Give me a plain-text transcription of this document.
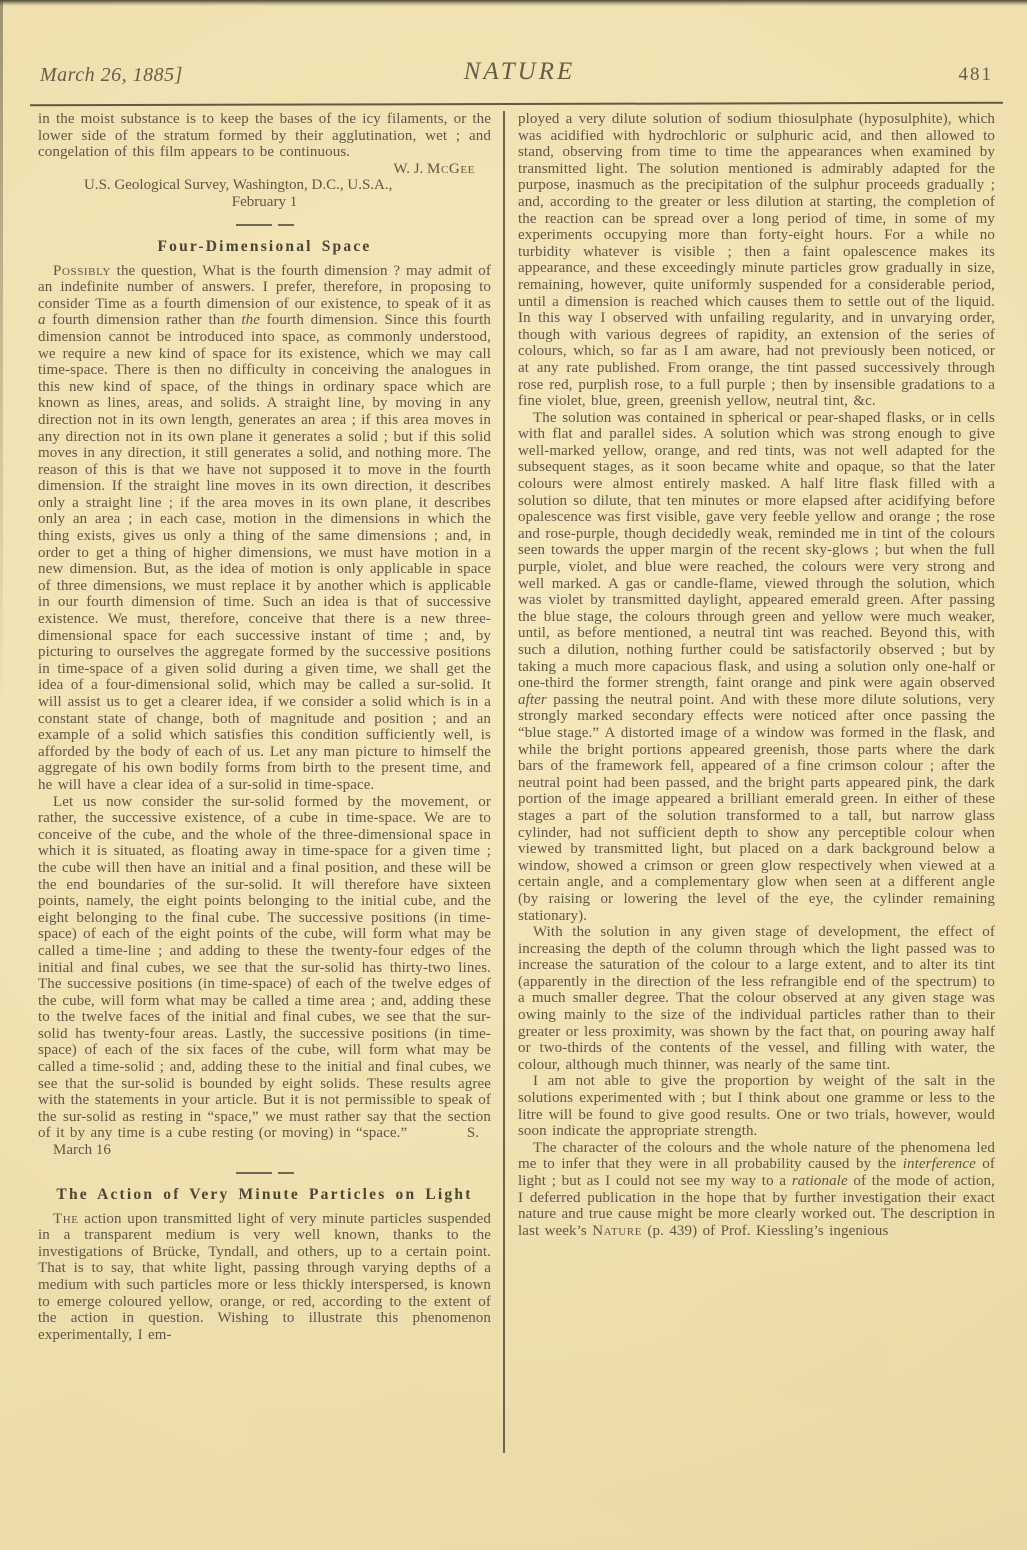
March 26, 1885]	NATURE	481

in the moist substance is to keep the bases of the icy filaments, or the lower side of the stratum formed by their agglutination, wet ; and congelation of this film appears to be continuous.

W. J. McGee
U.S. Geological Survey, Washington, D.C., U.S.A.,
February 1
Four-Dimensional Space

Possibly the question, What is the fourth dimension ? may admit of an indefinite number of answers. I prefer, therefore, in proposing to consider Time as a fourth dimension of our existence, to speak of it as a fourth dimension rather than the fourth dimension. Since this fourth dimension cannot be introduced into space, as commonly understood, we require a new kind of space for its existence, which we may call time-space. There is then no difficulty in conceiving the analogues in this new kind of space, of the things in ordinary space which are known as lines, areas, and solids. A straight line, by moving in any direction not in its own length, generates an area ; if this area moves in any direction not in its own plane it generates a solid ; but if this solid moves in any direction, it still generates a solid, and nothing more. The reason of this is that we have not supposed it to move in the fourth dimension. If the straight line moves in its own direction, it describes only a straight line ; if the area moves in its own plane, it describes only an area ; in each case, motion in the dimensions in which the thing exists, gives us only a thing of the same dimensions ; and, in order to get a thing of higher dimensions, we must have motion in a new dimension. But, as the idea of motion is only applicable in space of three dimensions, we must replace it by another which is applicable in our fourth dimension of time. Such an idea is that of successive existence. We must, therefore, conceive that there is a new three-dimensional space for each successive instant of time ; and, by picturing to ourselves the aggregate formed by the successive positions in time-space of a given solid during a given time, we shall get the idea of a four-dimensional solid, which may be called a sur-solid. It will assist us to get a clearer idea, if we consider a solid which is in a constant state of change, both of magnitude and position ; and an example of a solid which satisfies this condition sufficiently well, is afforded by the body of each of us. Let any man picture to himself the aggregate of his own bodily forms from birth to the present time, and he will have a clear idea of a sur-solid in time-space.

Let us now consider the sur-solid formed by the movement, or rather, the successive existence, of a cube in time-space. We are to conceive of the cube, and the whole of the three-dimensional space in which it is situated, as floating away in time-space for a given time ; the cube will then have an initial and a final position, and these will be the end boundaries of the sur-solid. It will therefore have sixteen points, namely, the eight points belonging to the initial cube, and the eight belonging to the final cube. The successive positions (in time-space) of each of the eight points of the cube, will form what may be called a time-line ; and adding to these the twenty-four edges of the initial and final cubes, we see that the sur-solid has thirty-two lines. The successive positions (in time-space) of each of the twelve edges of the cube, will form what may be called a time area ; and, adding these to the twelve faces of the initial and final cubes, we see that the sur-solid has twenty-four areas. Lastly, the successive positions (in time-space) of each of the six faces of the cube, will form what may be called a time-solid ; and, adding these to the initial and final cubes, we see that the sur-solid is bounded by eight solids. These results agree with the statements in your article. But it is not permissible to speak of the sur-solid as resting in “space,” we must rather say that the section of it by any time is a cube resting (or moving) in “space.”	S.
March 16
The Action of Very Minute Particles on Light

The action upon transmitted light of very minute particles suspended in a transparent medium is very well known, thanks to the investigations of Brücke, Tyndall, and others, up to a certain point. That is to say, that white light, passing through varying depths of a medium with such particles more or less thickly interspersed, is known to emerge coloured yellow, orange, or red, according to the extent of the action in question. Wishing to illustrate this phenomenon experimentally, I em-

ployed a very dilute solution of sodium thiosulphate (hyposulphite), which was acidified with hydrochloric or sulphuric acid, and then allowed to stand, observing from time to time the appearances when examined by transmitted light. The solution mentioned is admirably adapted for the purpose, inasmuch as the precipitation of the sulphur proceeds gradually ; and, according to the greater or less dilution at starting, the completion of the reaction can be spread over a long period of time, in some of my experiments occupying more than forty-eight hours. For a while no turbidity whatever is visible ; then a faint opalescence makes its appearance, and these exceedingly minute particles grow gradually in size, remaining, however, quite uniformly suspended for a considerable period, until a dimension is reached which causes them to settle out of the liquid. In this way I observed with unfailing regularity, and in unvarying order, though with various degrees of rapidity, an extension of the series of colours, which, so far as I am aware, had not previously been noticed, or at any rate published. From orange, the tint passed successively through rose red, purplish rose, to a full purple ; then by insensible gradations to a fine violet, blue, green, greenish yellow, neutral tint, &c.

The solution was contained in spherical or pear-shaped flasks, or in cells with flat and parallel sides. A solution which was strong enough to give well-marked yellow, orange, and red tints, was not well adapted for the subsequent stages, as it soon became white and opaque, so that the later colours were almost entirely masked. A half litre flask filled with a solution so dilute, that ten minutes or more elapsed after acidifying before opalescence was first visible, gave very feeble yellow and orange ; the rose and rose-purple, though decidedly weak, reminded me in tint of the colours seen towards the upper margin of the recent sky-glows ; but when the full purple, violet, and blue were reached, the colours were very strong and well marked. A gas or candle-flame, viewed through the solution, which was violet by transmitted daylight, appeared emerald green. After passing the blue stage, the colours through green and yellow were much weaker, until, as before mentioned, a neutral tint was reached. Beyond this, with such a dilution, nothing further could be satisfactorily observed ; but by taking a much more capacious flask, and using a solution only one-half or one-third the former strength, faint orange and pink were again observed after passing the neutral point. And with these more dilute solutions, very strongly marked secondary effects were noticed after once passing the “blue stage.” A distorted image of a window was formed in the flask, and while the bright portions appeared greenish, those parts where the dark bars of the framework fell, appeared of a fine crimson colour ; after the neutral point had been passed, and the bright parts appeared pink, the dark portion of the image appeared a brilliant emerald green. In either of these stages a part of the solution transformed to a tall, but narrow glass cylinder, had not sufficient depth to show any perceptible colour when viewed by transmitted light, but placed on a dark background below a window, showed a crimson or green glow respectively when viewed at a certain angle, and a complementary glow when seen at a different angle (by raising or lowering the level of the eye, the cylinder remaining stationary).

With the solution in any given stage of development, the effect of increasing the depth of the column through which the light passed was to increase the saturation of the colour to a large extent, and to alter its tint (apparently in the direction of the less refrangible end of the spectrum) to a much smaller degree. That the colour observed at any given stage was owing mainly to the size of the individual particles rather than to their greater or less proximity, was shown by the fact that, on pouring away half or two-thirds of the contents of the vessel, and filling with water, the colour, although much thinner, was nearly of the same tint.

I am not able to give the proportion by weight of the salt in the solutions experimented with ; but I think about one gramme or less to the litre will be found to give good results. One or two trials, however, would soon indicate the appropriate strength.

The character of the colours and the whole nature of the phenomena led me to infer that they were in all probability caused by the interference of light ; but as I could not see my way to a rationale of the mode of action, I deferred publication in the hope that by further investigation their exact nature and true cause might be more clearly worked out. The description in last week’s Nature (p. 439) of Prof. Kiessling’s ingenious
